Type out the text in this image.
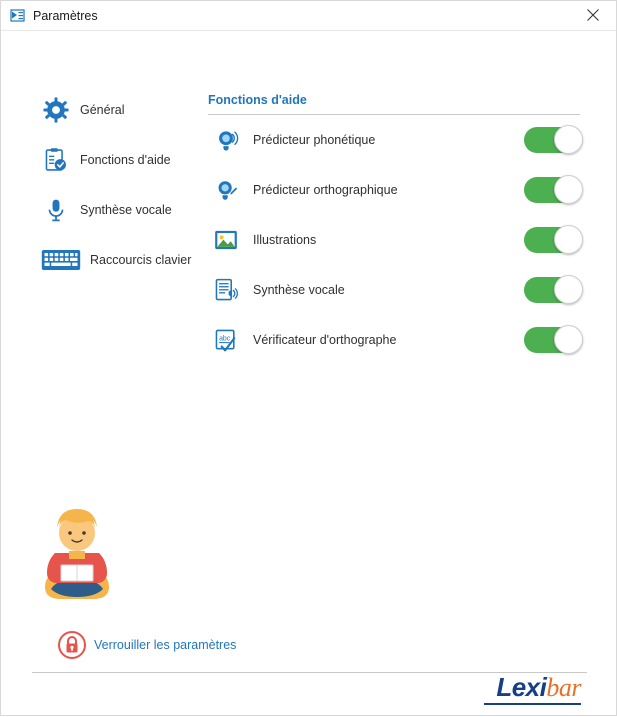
Paramètres
Général
Fonctions d'aide
Synthèse vocale
Raccourcis clavier
Fonctions d'aide
Prédicteur phonétique
Prédicteur orthographique
Illustrations
Synthèse vocale
abc Vérificateur d'orthographe
Verrouiller les paramètres
Lexibar
